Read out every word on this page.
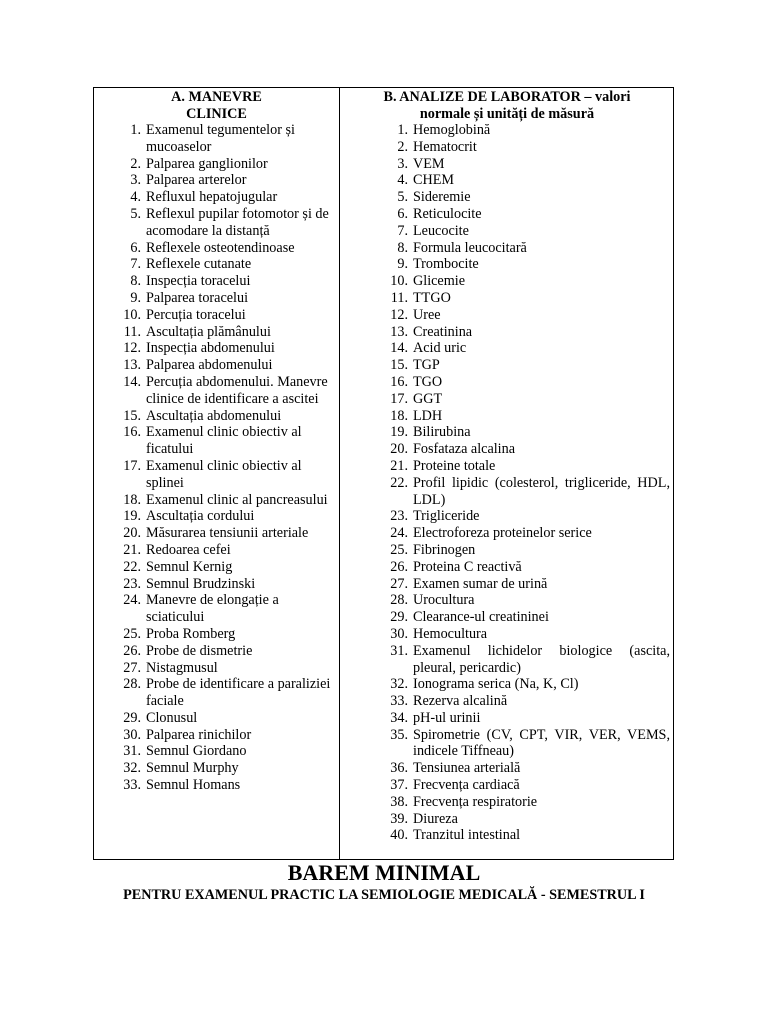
A. MANEVRE
CLINICE
B. ANALIZE DE LABORATOR – valori
normale și unități de măsură
1. Examenul tegumentelor și mucoaselor
2. Palparea ganglionilor
3. Palparea arterelor
4. Refluxul hepatojugular
5. Reflexul pupilar fotomotor și de acomodare la distanță
6. Reflexele osteotendinoase
7. Reflexele cutanate
8. Inspecția toracelui
9. Palparea toracelui
10. Percuția toracelui
11. Ascultația plămânului
12. Inspecția abdomenului
13. Palparea abdomenului
14. Percuția abdomenului. Manevre clinice de identificare a ascitei
15. Ascultația abdomenului
16. Examenul clinic obiectiv al ficatului
17. Examenul clinic obiectiv al splinei
18. Examenul clinic al pancreasului
19. Ascultația cordului
20. Măsurarea tensiunii arteriale
21. Redoarea cefei
22. Semnul Kernig
23. Semnul Brudzinski
24. Manevre de elongație a sciaticului
25. Proba Romberg
26. Probe de dismetrie
27. Nistagmusul
28. Probe de identificare a paraliziei faciale
29. Clonusul
30. Palparea rinichilor
31. Semnul Giordano
32. Semnul Murphy
33. Semnul Homans
1. Hemoglobină
2. Hematocrit
3. VEM
4. CHEM
5. Sideremie
6. Reticulocite
7. Leucocite
8. Formula leucocitară
9. Trombocite
10. Glicemie
11. TTGO
12. Uree
13. Creatinina
14. Acid uric
15. TGP
16. TGO
17. GGT
18. LDH
19. Bilirubina
20. Fosfataza alcalina
21. Proteine totale
22. Profil lipidic (colesterol, trigliceride, HDL, LDL)
23. Trigliceride
24. Electroforeza proteinelor serice
25. Fibrinogen
26. Proteina C reactivă
27. Examen sumar de urină
28. Urocultura
29. Clearance-ul creatininei
30. Hemocultura
31. Examenul lichidelor biologice (ascita, pleural, pericardic)
32. Ionograma serica (Na, K, Cl)
33. Rezerva alcalină
34. pH-ul urinii
35. Spirometrie (CV, CPT, VIR, VER, VEMS, indicele Tiffneau)
36. Tensiunea arterială
37. Frecvența cardiacă
38. Frecvența respiratorie
39. Diureza
40. Tranzitul intestinal
BAREM MINIMAL
PENTRU EXAMENUL PRACTIC LA SEMIOLOGIE MEDICALĂ - SEMESTRUL I
